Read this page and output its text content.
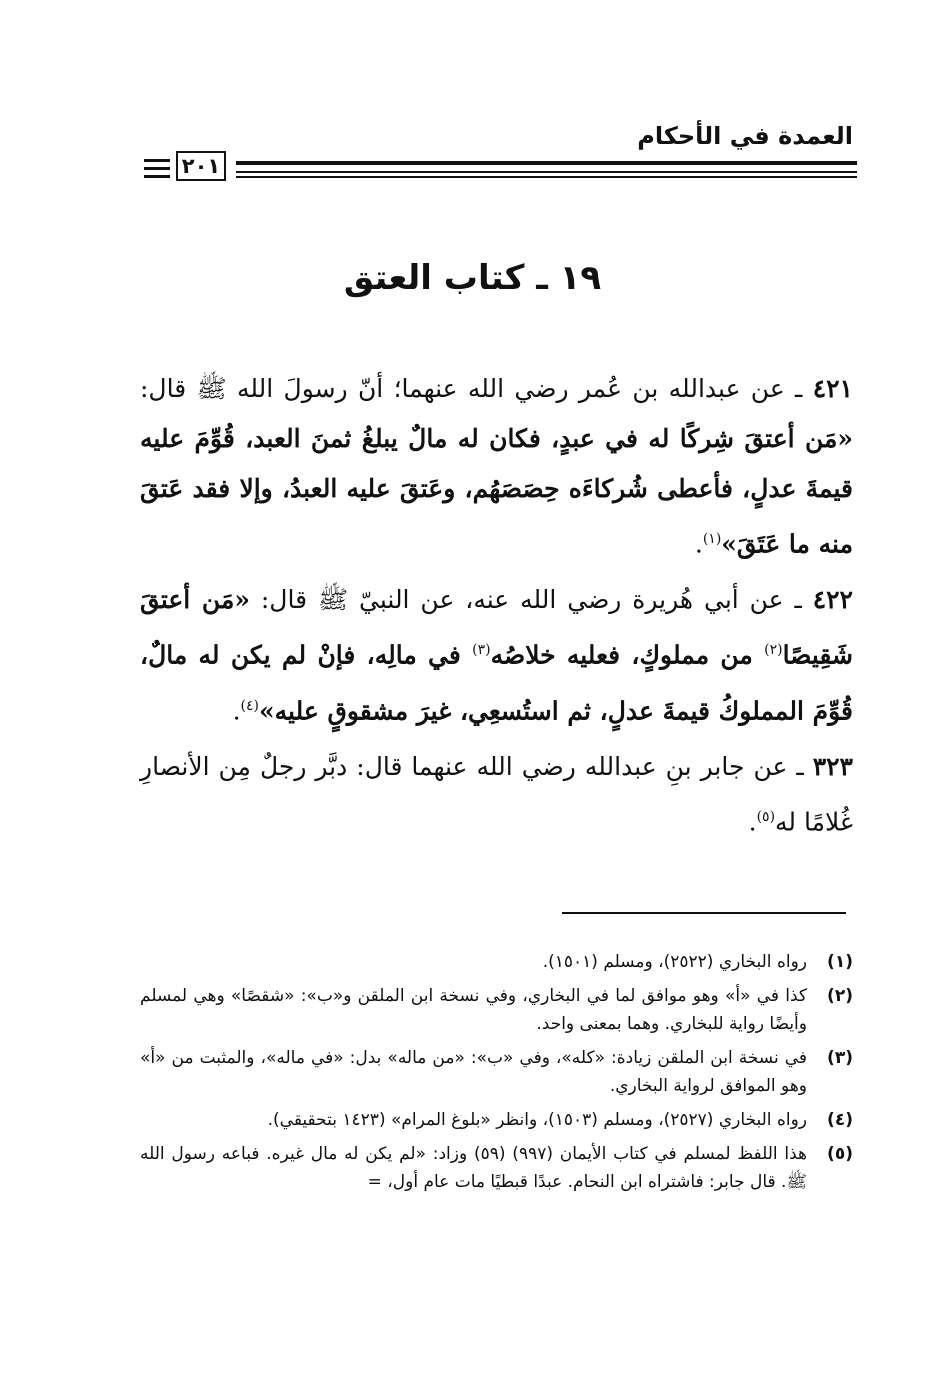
العمدة في الأحكام
٢٠١
١٩ ـ كتاب العتق

٤٢١ ـ عن عبدالله بن عُمر رضي الله عنهما؛ أنّ رسولَ الله ﷺ قال: «مَن أعتقَ شِركًا له في عبدٍ، فكان له مالٌ يبلغُ ثمنَ العبد، قُوِّمَ عليه قيمةَ عدلٍ، فأعطى شُركاءَه حِصَصَهُم، وعَتقَ عليه العبدُ، وإلا فقد عَتقَ منه ما عَتَقَ»$^{(١)}$.

٤٢٢ ـ عن أبي هُريرة رضي الله عنه، عن النبيّ ﷺ قال: «مَن أعتقَ شَقِيصًا$^{(٢)}$ من مملوكٍ، فعليه خلاصُه$^{(٣)}$ في مالِه، فإنْ لم يكن له مالٌ، قُوِّمَ المملوكُ قيمةَ عدلٍ، ثم استُسعِي، غيرَ مشقوقٍ عليه»$^{(٤)}$.

٣٢٣ ـ عن جابر بنِ عبدالله رضي الله عنهما قال: دبَّر رجلٌ مِن الأنصارِ غُلامًا له$^{(٥)}$.

(١)
رواه البخاري (٢٥٢٢)، ومسلم (١٥٠١).
(٢)
كذا في «أ» وهو موافق لما في البخاري، وفي نسخة ابن الملقن و«ب»: «شقصًا» وهي لمسلم وأيضًا رواية للبخاري. وهما بمعنى واحد.
(٣)
في نسخة ابن الملقن زيادة: «كله»، وفي «ب»: «من ماله» بدل: «في ماله»، والمثبت من «أ» وهو الموافق لرواية البخاري.
(٤)
رواه البخاري (٢٥٢٧)، ومسلم (١٥٠٣)، وانظر «بلوغ المرام» (١٤٢٣ بتحقيقي).
(٥)
هذا اللفظ لمسلم في كتاب الأيمان (٩٩٧) (٥٩) وزاد: «لم يكن له مال غيره. فباعه رسول الله ﷺ. قال جابر: فاشتراه ابن النحام. عبدًا قبطيًا مات عام أول، =
